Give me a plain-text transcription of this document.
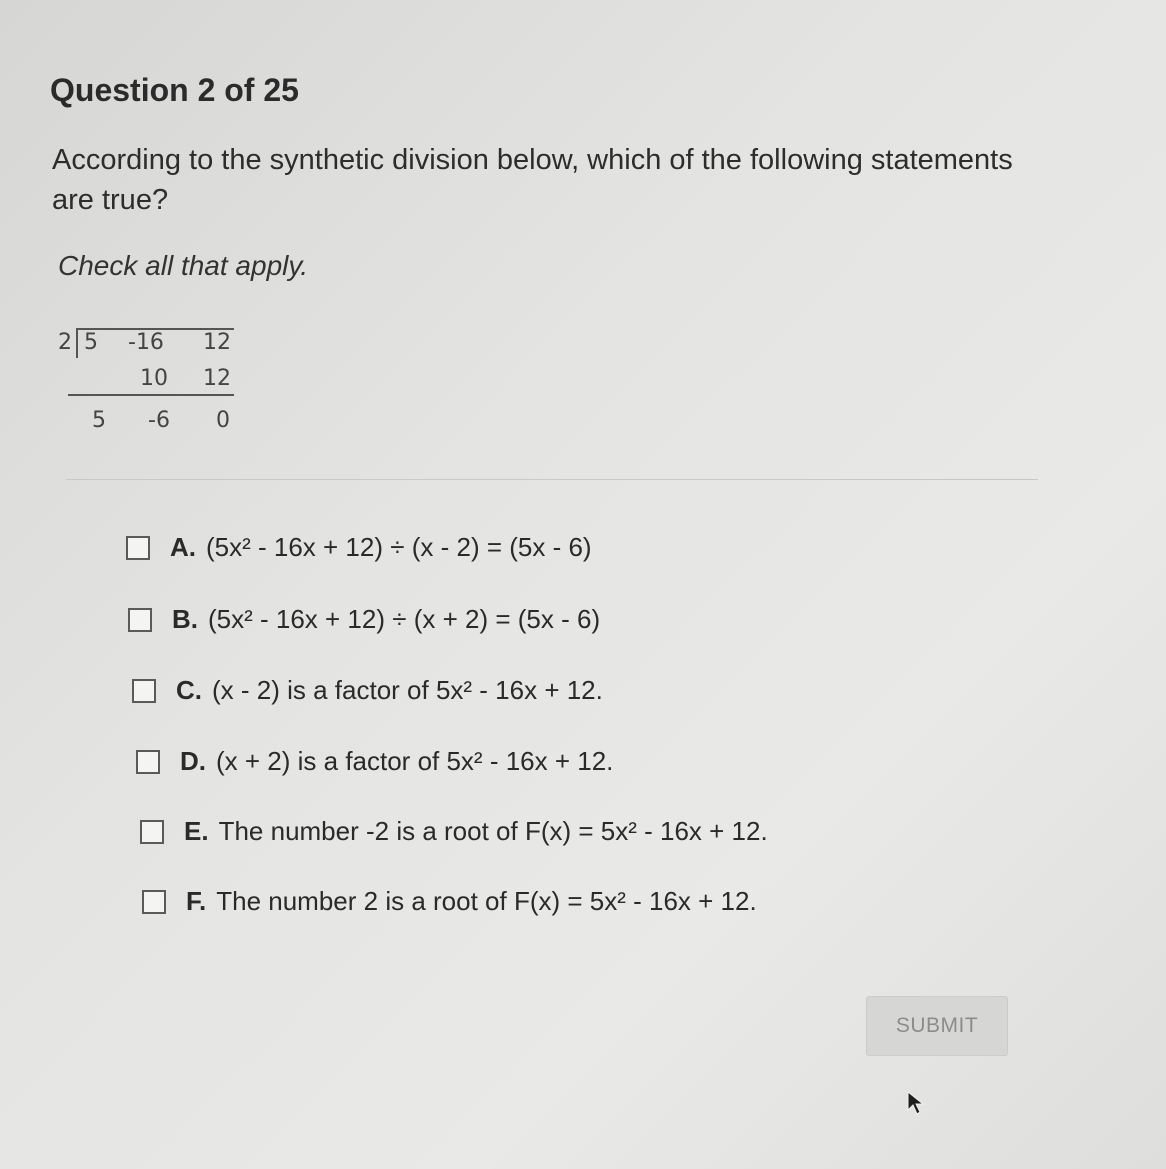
Question 2 of 25
According to the synthetic division below, which of the following statements are true?
Check all that apply.
2 5 -16 12
10 12
5 -6 0
A. (5x² - 16x + 12) ÷ (x - 2) = (5x - 6)
B. (5x² - 16x + 12) ÷ (x + 2) = (5x - 6)
C. (x - 2) is a factor of 5x² - 16x + 12.
D. (x + 2) is a factor of 5x² - 16x + 12.
E. The number -2 is a root of F(x) = 5x² - 16x + 12.
F. The number 2 is a root of F(x) = 5x² - 16x + 12.
SUBMIT
